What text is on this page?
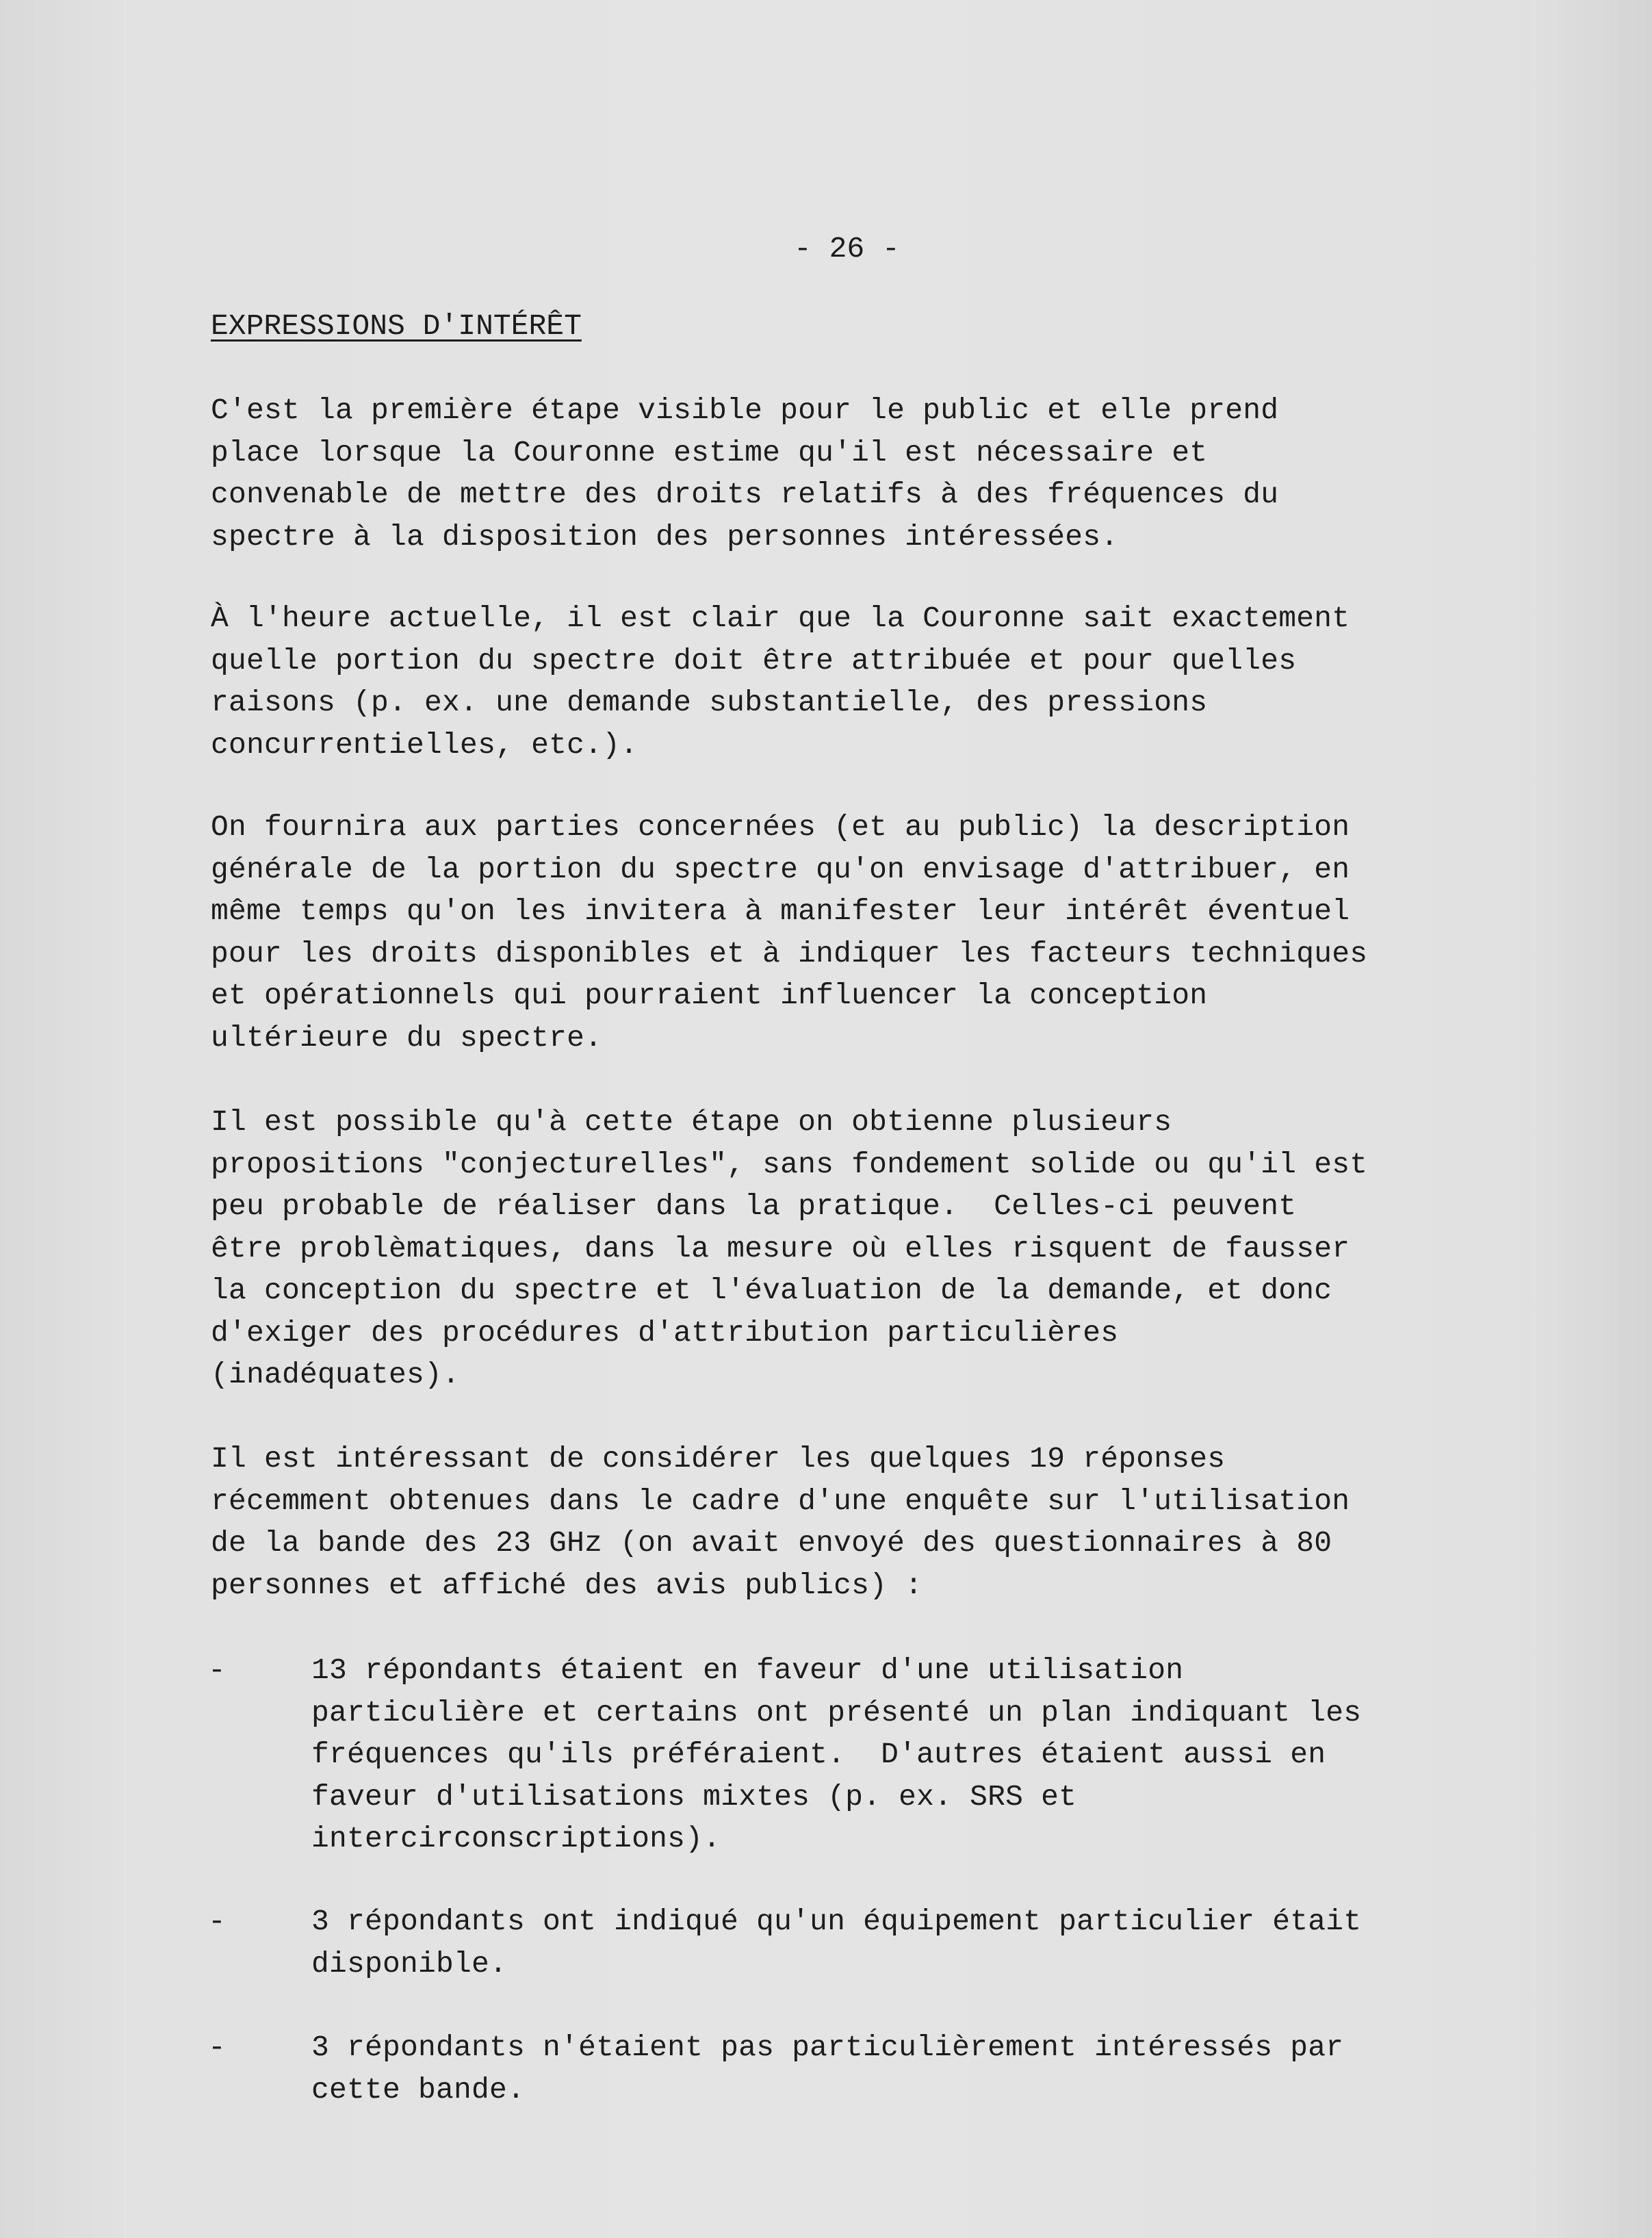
- 26 -
EXPRESSIONS D'INTÉRÊT
C'est la première étape visible pour le public et elle prend
place lorsque la Couronne estime qu'il est nécessaire et
convenable de mettre des droits relatifs à des fréquences du
spectre à la disposition des personnes intéressées.
À l'heure actuelle, il est clair que la Couronne sait exactement
quelle portion du spectre doit être attribuée et pour quelles
raisons (p. ex. une demande substantielle, des pressions
concurrentielles, etc.).
On fournira aux parties concernées (et au public) la description
générale de la portion du spectre qu'on envisage d'attribuer, en
même temps qu'on les invitera à manifester leur intérêt éventuel
pour les droits disponibles et à indiquer les facteurs techniques
et opérationnels qui pourraient influencer la conception
ultérieure du spectre.
Il est possible qu'à cette étape on obtienne plusieurs
propositions "conjecturelles", sans fondement solide ou qu'il est
peu probable de réaliser dans la pratique.  Celles-ci peuvent
être problèmatiques, dans la mesure où elles risquent de fausser
la conception du spectre et l'évaluation de la demande, et donc
d'exiger des procédures d'attribution particulières
(inadéquates).
Il est intéressant de considérer les quelques 19 réponses
récemment obtenues dans le cadre d'une enquête sur l'utilisation
de la bande des 23 GHz (on avait envoyé des questionnaires à 80
personnes et affiché des avis publics) :
-	13 répondants étaient en faveur d'une utilisation
particulière et certains ont présenté un plan indiquant les
fréquences qu'ils préféraient.  D'autres étaient aussi en
faveur d'utilisations mixtes (p. ex. SRS et
intercirconscriptions).
-	3 répondants ont indiqué qu'un équipement particulier était
disponible.
-	3 répondants n'étaient pas particulièrement intéressés par
cette bande.
